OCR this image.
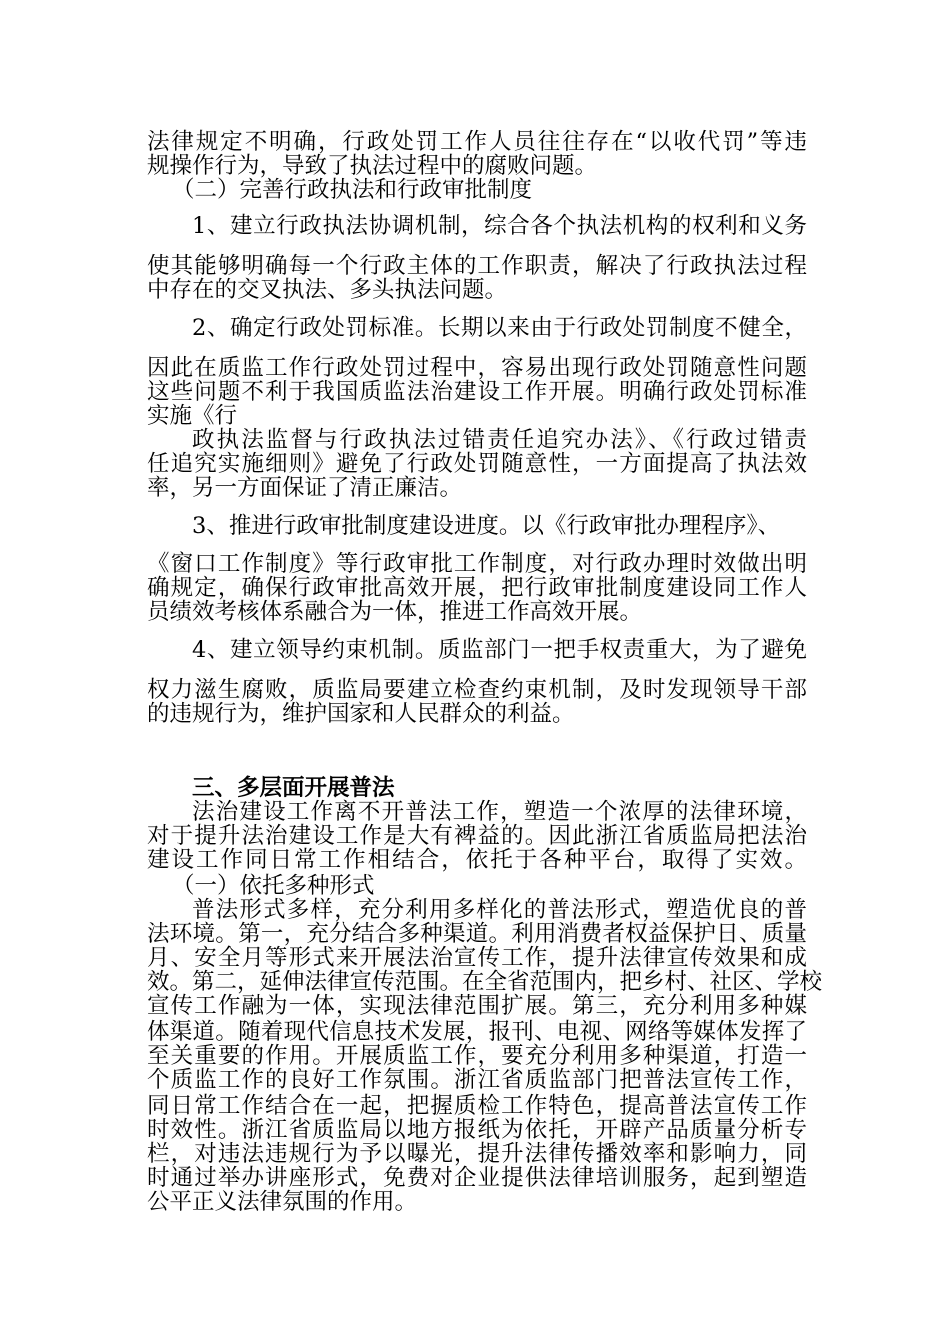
法律规定不明确，行政处罚工作人员往往存在“以收代罚”等违
规操作行为，导致了执法过程中的腐败问题。
（二）完善行政执法和行政审批制度
1、建立行政执法协调机制，综合各个执法机构的权利和义务
使其能够明确每一个行政主体的工作职责，解决了行政执法过程
中存在的交叉执法、多头执法问题。
2、确定行政处罚标准。长期以来由于行政处罚制度不健全，
因此在质监工作行政处罚过程中，容易出现行政处罚随意性问题
这些问题不利于我国质监法治建设工作开展。明确行政处罚标准
实施《行
政执法监督与行政执法过错责任追究办法》、《行政过错责
任追究实施细则》避免了行政处罚随意性，一方面提高了执法效
率，另一方面保证了清正廉洁。
3、推进行政审批制度建设进度。以《行政审批办理程序》、
《窗口工作制度》等行政审批工作制度，对行政办理时效做出明
确规定，确保行政审批高效开展，把行政审批制度建设同工作人
员绩效考核体系融合为一体，推进工作高效开展。
4、建立领导约束机制。质监部门一把手权责重大，为了避免
权力滋生腐败，质监局要建立检查约束机制，及时发现领导干部
的违规行为，维护国家和人民群众的利益。
三、多层面开展普法
法治建设工作离不开普法工作，塑造一个浓厚的法律环境，
对于提升法治建设工作是大有裨益的。因此浙江省质监局把法治
建设工作同日常工作相结合，依托于各种平台，取得了实效。
（一）依托多种形式
普法形式多样，充分利用多样化的普法形式，塑造优良的普
法环境。第一，充分结合多种渠道。利用消费者权益保护日、质量
月、安全月等形式来开展法治宣传工作，提升法律宣传效果和成
效。第二，延伸法律宣传范围。在全省范围内，把乡村、社区、学校
宣传工作融为一体，实现法律范围扩展。第三，充分利用多种媒
体渠道。随着现代信息技术发展，报刊、电视、网络等媒体发挥了
至关重要的作用。开展质监工作，要充分利用多种渠道，打造一
个质监工作的良好工作氛围。浙江省质监部门把普法宣传工作，
同日常工作结合在一起，把握质检工作特色，提高普法宣传工作
时效性。浙江省质监局以地方报纸为依托，开辟产品质量分析专
栏，对违法违规行为予以曝光，提升法律传播效率和影响力，同
时通过举办讲座形式，免费对企业提供法律培训服务，起到塑造
公平正义法律氛围的作用。
